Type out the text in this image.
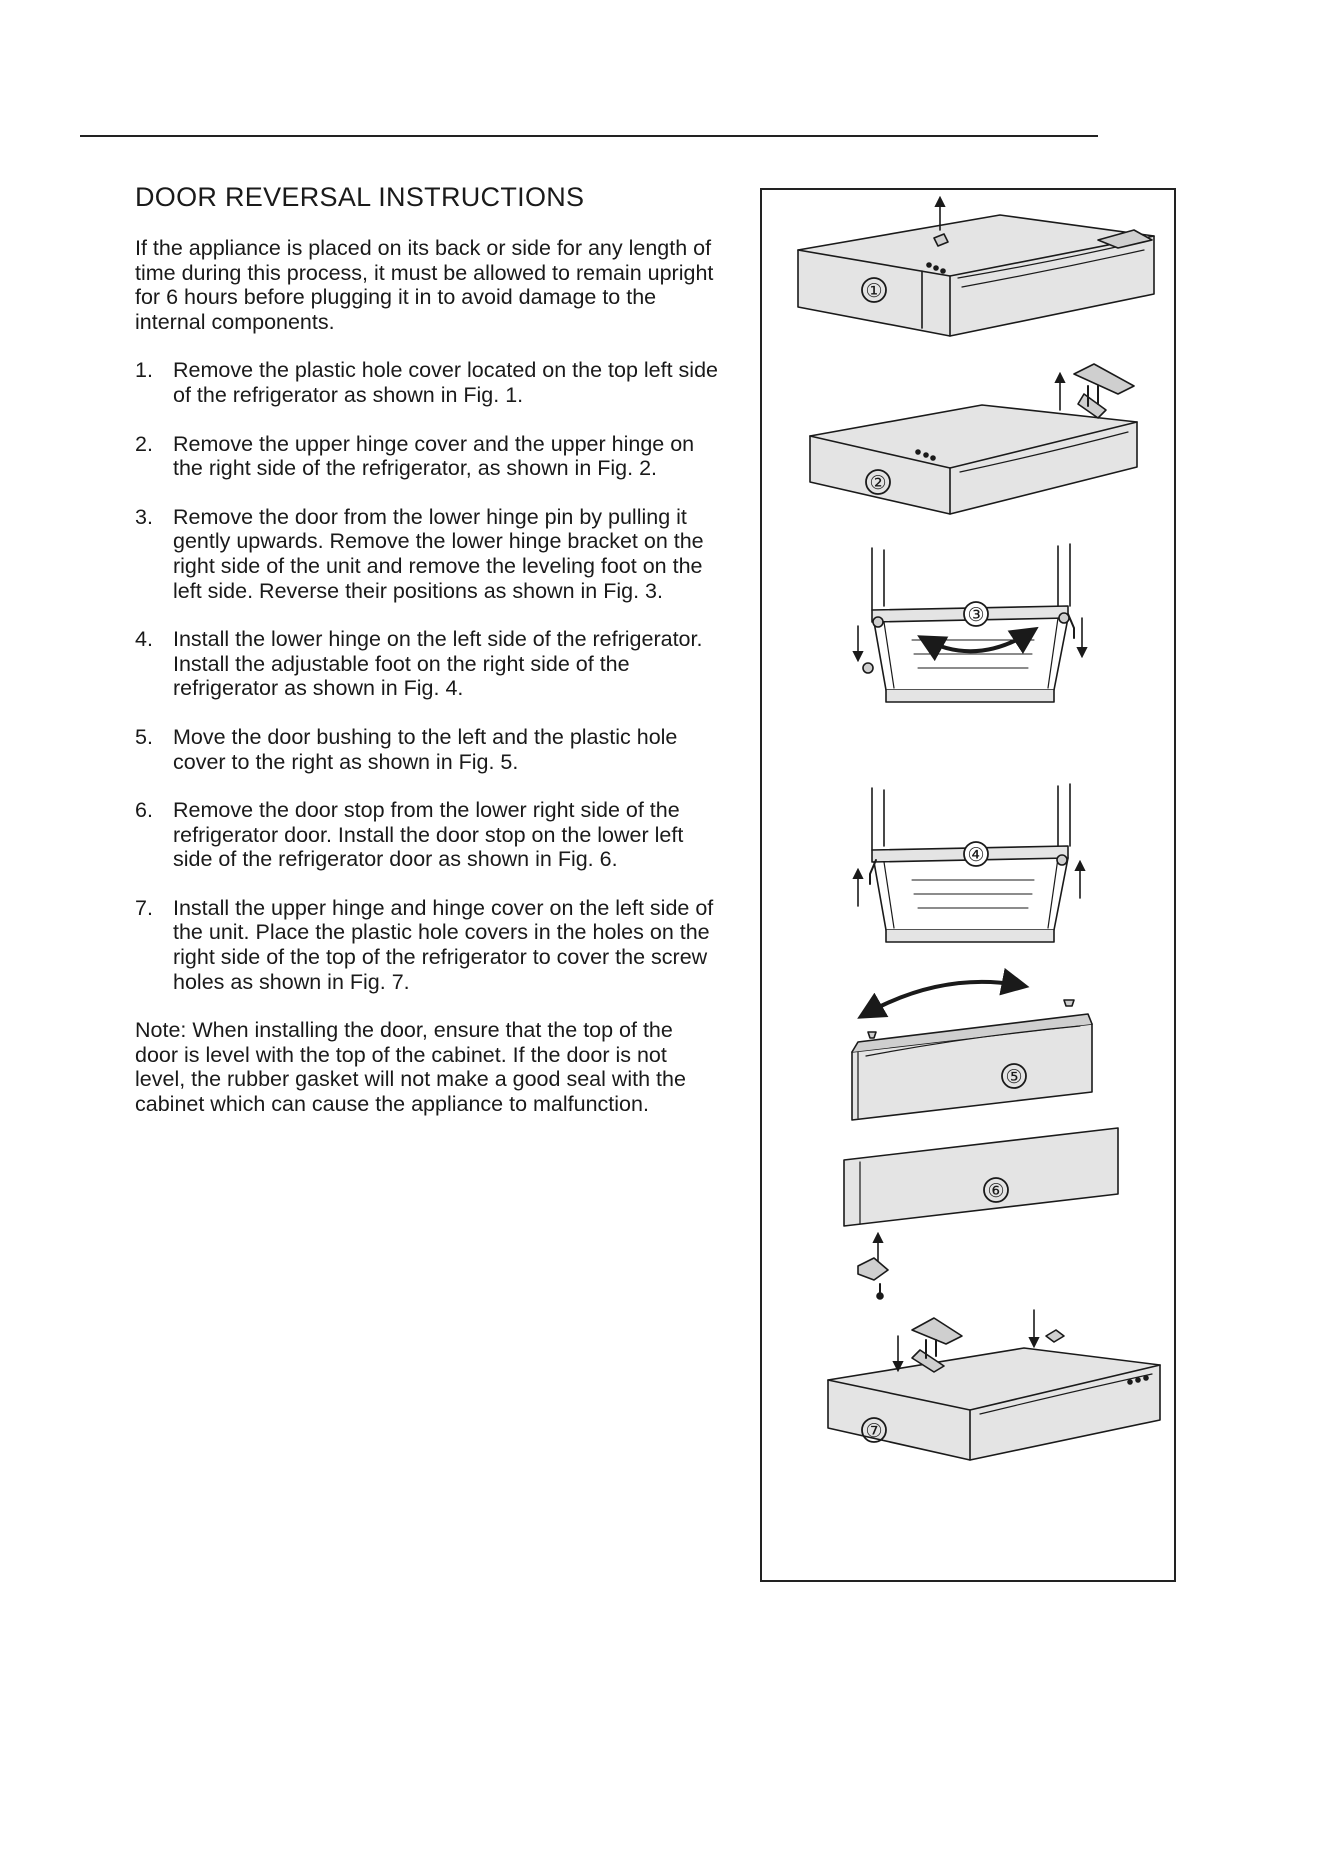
DOOR REVERSAL INSTRUCTIONS

If the appliance is placed on its back or side for any length of time during this process, it must be allowed to remain upright for 6 hours before plugging it in to avoid damage to the internal components.

1. Remove the plastic hole cover located on the top left side of the refrigerator as shown in Fig. 1.
2. Remove the upper hinge cover and the upper hinge on the right side of the refrigerator, as shown in Fig. 2.
3. Remove the door from the lower hinge pin by pulling it gently upwards. Remove the lower hinge bracket on the right side of the unit and remove the leveling foot on the left side. Reverse their positions as shown in Fig. 3.
4. Install the lower hinge on the left side of the refrigerator. Install the adjustable foot on the right side of the refrigerator as shown in Fig. 4.
5. Move the door bushing to the left and the plastic hole cover to the right as shown in Fig. 5.
6. Remove the door stop from the lower right side of the refrigerator door. Install the door stop on the lower left side of the refrigerator door as shown in Fig. 6.
7. Install the upper hinge and hinge cover on the left side of the unit. Place the plastic hole covers in the holes on the right side of the top of the refrigerator to cover the screw holes as shown in Fig. 7.

Note: When installing the door, ensure that the top of the door is level with the top of the cabinet. If the door is not level, the rubber gasket will not make a good seal with the cabinet which can cause the appliance to malfunction.

①
②
③
④
⑤
⑥
⑦
